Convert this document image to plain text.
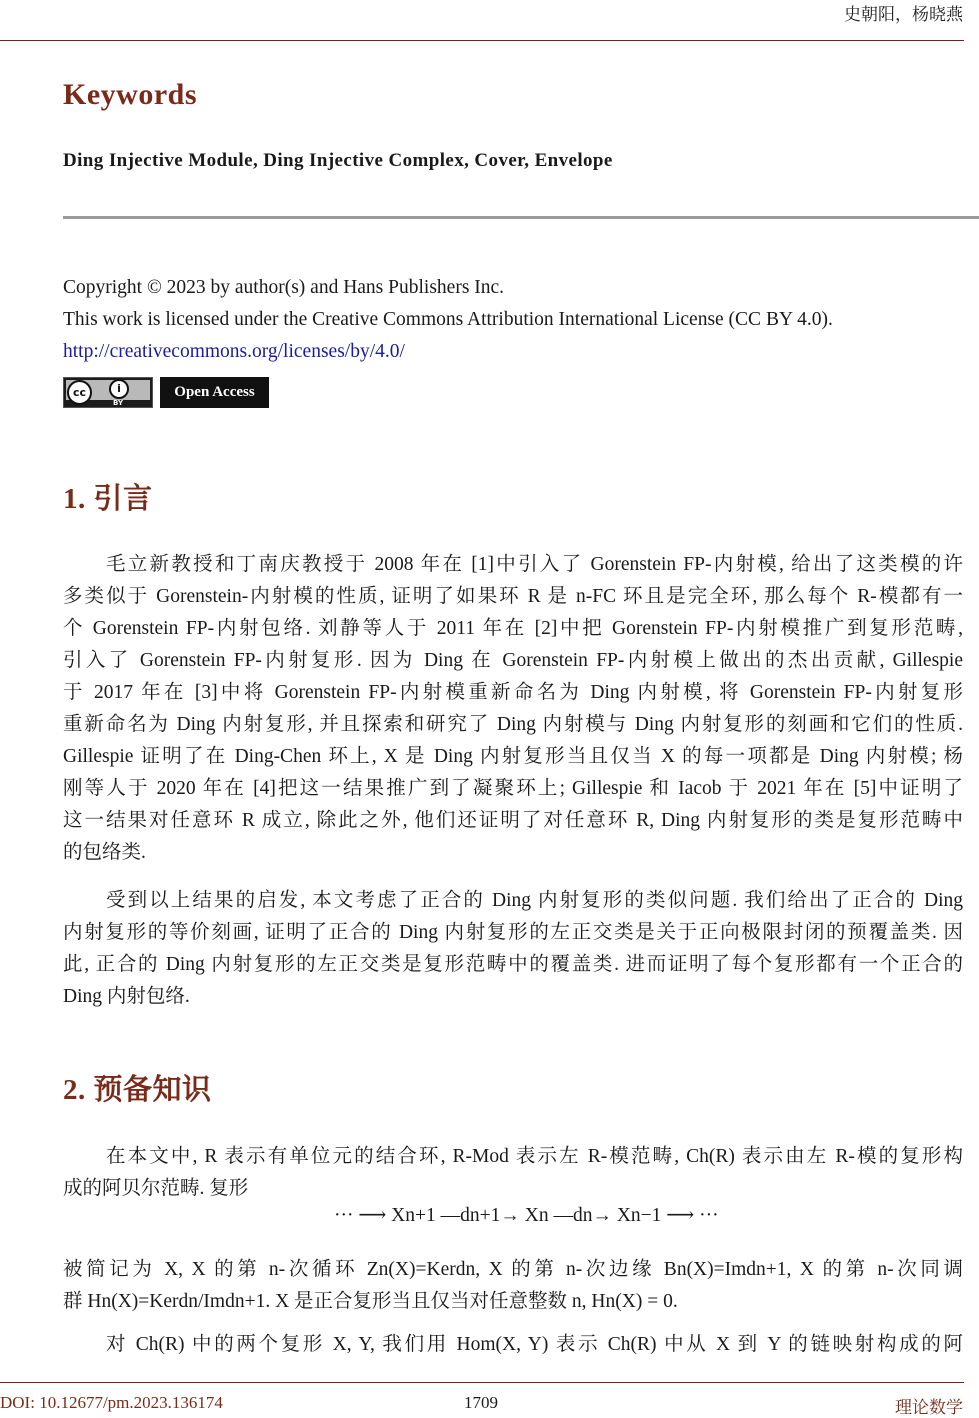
史朝阳，杨晓燕
Keywords
Ding Injective Module, Ding Injective Complex, Cover, Envelope
Copyright © 2023 by author(s) and Hans Publishers Inc.
This work is licensed under the Creative Commons Attribution International License (CC BY 4.0).
http://creativecommons.org/licenses/by/4.0/
cc	i
BY
Open Access
1. 引言
毛立新教授和丁南庆教授于 2008 年在 [1]中引入了 Gorenstein FP-内射模, 给出了这类模的许
多类似于 Gorenstein-内射模的性质, 证明了如果环 R 是 n-FC 环且是完全环, 那么每个 R-模都有一
个 Gorenstein FP-内射包络. 刘静等人于 2011 年在 [2]中把 Gorenstein FP-内射模推广到复形范畴,
引入了 Gorenstein FP-内射复形. 因为 Ding 在 Gorenstein FP-内射模上做出的杰出贡献, Gillespie
于 2017 年在 [3]中将 Gorenstein FP-内射模重新命名为 Ding 内射模, 将 Gorenstein FP-内射复形
重新命名为 Ding 内射复形, 并且探索和研究了 Ding 内射模与 Ding 内射复形的刻画和它们的性质.
Gillespie 证明了在 Ding-Chen 环上, X 是 Ding 内射复形当且仅当 X 的每一项都是 Ding 内射模; 杨
刚等人于 2020 年在 [4]把这一结果推广到了凝聚环上; Gillespie 和 Iacob 于 2021 年在 [5]中证明了
这一结果对任意环 R 成立, 除此之外, 他们还证明了对任意环 R, Ding 内射复形的类是复形范畴中
的包络类.
受到以上结果的启发, 本文考虑了正合的 Ding 内射复形的类似问题. 我们给出了正合的 Ding
内射复形的等价刻画, 证明了正合的 Ding 内射复形的左正交类是关于正向极限封闭的预覆盖类. 因
此, 正合的 Ding 内射复形的左正交类是复形范畴中的覆盖类. 进而证明了每个复形都有一个正合的
Ding 内射包络.
2. 预备知识
在本文中, R 表示有单位元的结合环, R-Mod 表示左 R-模范畴, Ch(R) 表示由左 R-模的复形构
成的阿贝尔范畴. 复形
··· ⟶ Xn+1 —dn+1→ Xn —dn→ Xn−1 ⟶ ···
被简记为 X, X 的第 n-次循环 Zn(X)=Kerdn, X 的第 n-次边缘 Bn(X)=Imdn+1, X 的第 n-次同调
群 Hn(X)=Kerdn/Imdn+1. X 是正合复形当且仅当对任意整数 n, Hn(X) = 0.
对 Ch(R) 中的两个复形 X, Y, 我们用 Hom(X, Y) 表示 Ch(R) 中从 X 到 Y 的链映射构成的阿
DOI: 10.12677/pm.2023.136174	1709	理论数学
